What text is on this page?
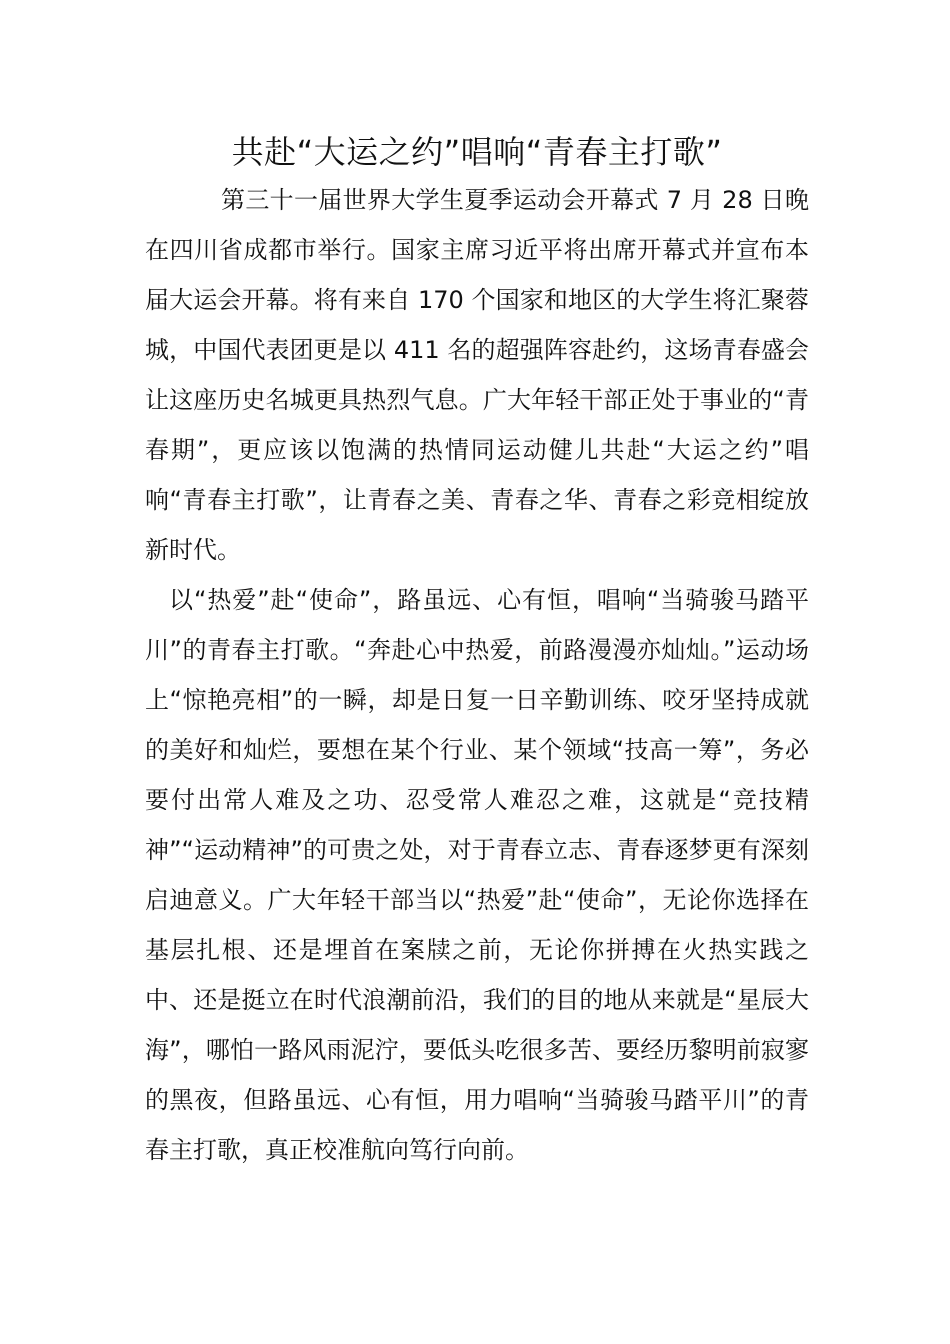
共赴“大运之约”唱响“青春主打歌”

第三十一届世界大学生夏季运动会开幕式 7 月 28 日晚在四川省成都市举行。国家主席习近平将出席开幕式并宣布本届大运会开幕。将有来自 170 个国家和地区的大学生将汇聚蓉城，中国代表团更是以 411 名的超强阵容赴约，这场青春盛会让这座历史名城更具热烈气息。广大年轻干部正处于事业的“青春期”，更应该以饱满的热情同运动健儿共赴“大运之约”唱响“青春主打歌”，让青春之美、青春之华、青春之彩竞相绽放新时代。

以“热爱”赴“使命”，路虽远、心有恒，唱响“当骑骏马踏平川”的青春主打歌。“奔赴心中热爱，前路漫漫亦灿灿。”运动场上“惊艳亮相”的一瞬，却是日复一日辛勤训练、咬牙坚持成就的美好和灿烂，要想在某个行业、某个领域“技高一筹”，务必要付出常人难及之功、忍受常人难忍之难，这就是“竞技精神”“运动精神”的可贵之处，对于青春立志、青春逐梦更有深刻启迪意义。广大年轻干部当以“热爱”赴“使命”，无论你选择在基层扎根、还是埋首在案牍之前，无论你拼搏在火热实践之中、还是挺立在时代浪潮前沿，我们的目的地从来就是“星辰大海”，哪怕一路风雨泥泞，要低头吃很多苦、要经历黎明前寂寥的黑夜，但路虽远、心有恒，用力唱响“当骑骏马踏平川”的青春主打歌，真正校准航向笃行向前。
